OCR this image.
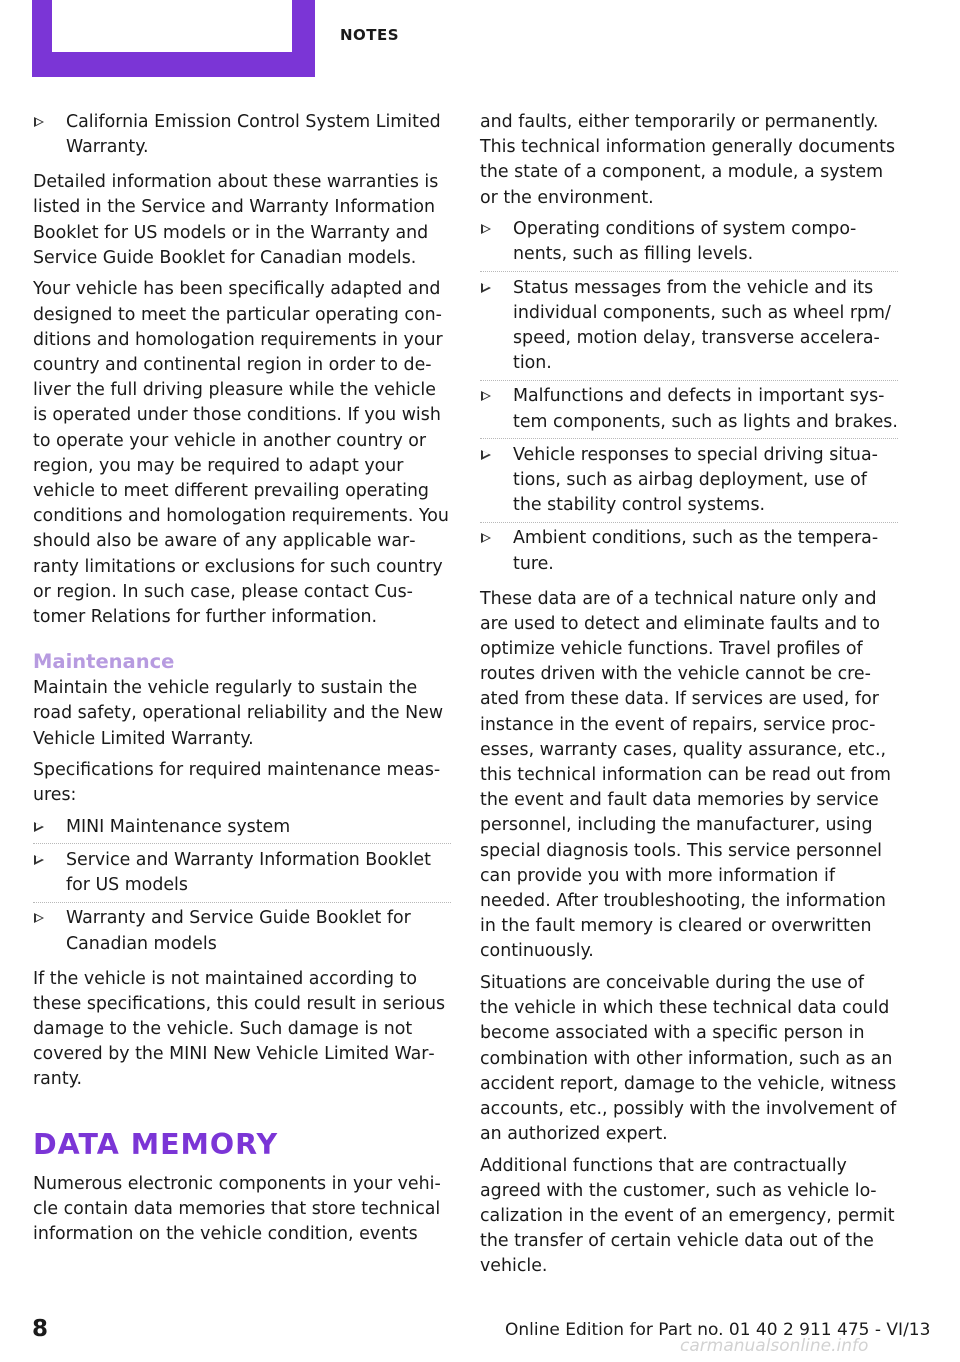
NOTES
California Emission Control System Limited Warranty.

Detailed information about these warranties is listed in the Service and Warranty Information Booklet for US models or in the Warranty and Service Guide Booklet for Canadian models.

Your vehicle has been specifically adapted and designed to meet the particular operating conditions and homologation requirements in your country and continental region in order to deliver the full driving pleasure while the vehicle is operated under those conditions. If you wish to operate your vehicle in another country or region, you may be required to adapt your vehicle to meet different prevailing operating conditions and homologation requirements. You should also be aware of any applicable warranty limitations or exclusions for such country or region. In such case, please contact Customer Relations for further information.

Maintenance

Maintain the vehicle regularly to sustain the road safety, operational reliability and the New Vehicle Limited Warranty.

Specifications for required maintenance measures:

MINI Maintenance system
Service and Warranty Information Booklet for US models
Warranty and Service Guide Booklet for Canadian models

If the vehicle is not maintained according to these specifications, this could result in serious damage to the vehicle. Such damage is not covered by the MINI New Vehicle Limited Warranty.

DATA MEMORY

Numerous electronic components in your vehicle contain data memories that store technical information on the vehicle condition, events

and faults, either temporarily or permanently. This technical information generally documents the state of a component, a module, a system or the environment.

Operating conditions of system components, such as filling levels.
Status messages from the vehicle and its individual components, such as wheel rpm/ speed, motion delay, transverse acceleration.
Malfunctions and defects in important system components, such as lights and brakes.
Vehicle responses to special driving situations, such as airbag deployment, use of the stability control systems.
Ambient conditions, such as the temperature.

These data are of a technical nature only and are used to detect and eliminate faults and to optimize vehicle functions. Travel profiles of routes driven with the vehicle cannot be created from these data. If services are used, for instance in the event of repairs, service processes, warranty cases, quality assurance, etc., this technical information can be read out from the event and fault data memories by service personnel, including the manufacturer, using special diagnosis tools. This service personnel can provide you with more information if needed. After troubleshooting, the information in the fault memory is cleared or overwritten continuously.

Situations are conceivable during the use of the vehicle in which these technical data could become associated with a specific person in combination with other information, such as an accident report, damage to the vehicle, witness accounts, etc., possibly with the involvement of an authorized expert.

Additional functions that are contractually agreed with the customer, such as vehicle localization in the event of an emergency, permit the transfer of certain vehicle data out of the vehicle.

8	Online Edition for Part no. 01 40 2 911 475 - VI/13
carmanualsonline.info
